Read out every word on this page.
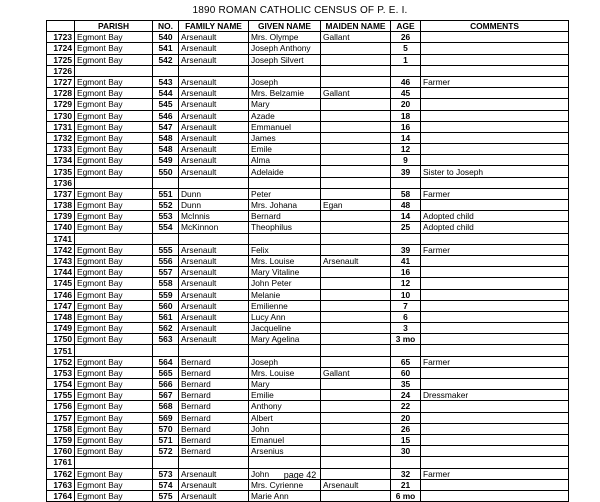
1890 ROMAN CATHOLIC CENSUS OF P. E. I.
	PARISH	NO.	FAMILY NAME	GIVEN NAME	MAIDEN NAME	AGE	COMMENTS
1723	Egmont Bay	540	Arsenault	Mrs. Olympe	Gallant	26	
1724	Egmont Bay	541	Arsenault	Joseph Anthony		5	
1725	Egmont Bay	542	Arsenault	Joseph Silvert		1	
1726							
1727	Egmont Bay	543	Arsenault	Joseph		46	Farmer
1728	Egmont Bay	544	Arsenault	Mrs. Belzamie	Gallant	45	
1729	Egmont Bay	545	Arsenault	Mary		20	
1730	Egmont Bay	546	Arsenault	Azade		18	
1731	Egmont Bay	547	Arsenault	Emmanuel		16	
1732	Egmont Bay	548	Arsenault	James		14	
1733	Egmont Bay	548	Arsenault	Emile		12	
1734	Egmont Bay	549	Arsenault	Alma		9	
1735	Egmont Bay	550	Arsenault	Adelaide		39	Sister to Joseph
1736							
1737	Egmont Bay	551	Dunn	Peter		58	Farmer
1738	Egmont Bay	552	Dunn	Mrs. Johana	Egan	48	
1739	Egmont Bay	553	McInnis	Bernard		14	Adopted child
1740	Egmont Bay	554	McKinnon	Theophilus		25	Adopted child
1741							
1742	Egmont Bay	555	Arsenault	Felix		39	Farmer
1743	Egmont Bay	556	Arsenault	Mrs. Louise	Arsenault	41	
1744	Egmont Bay	557	Arsenault	Mary Vitaline		16	
1745	Egmont Bay	558	Arsenault	John Peter		12	
1746	Egmont Bay	559	Arsenault	Melanie		10	
1747	Egmont Bay	560	Arsenault	Emilienne		7	
1748	Egmont Bay	561	Arsenault	Lucy Ann		6	
1749	Egmont Bay	562	Arsenault	Jacqueline		3	
1750	Egmont Bay	563	Arsenault	Mary Agelina		3 mo	
1751							
1752	Egmont Bay	564	Bernard	Joseph		65	Farmer
1753	Egmont Bay	565	Bernard	Mrs. Louise	Gallant	60	
1754	Egmont Bay	566	Bernard	Mary		35	
1755	Egmont Bay	567	Bernard	Emilie		24	Dressmaker
1756	Egmont Bay	568	Bernard	Anthony		22	
1757	Egmont Bay	569	Bernard	Albert		20	
1758	Egmont Bay	570	Bernard	John		26	
1759	Egmont Bay	571	Bernard	Emanuel		15	
1760	Egmont Bay	572	Bernard	Arsenius		30	
1761							
1762	Egmont Bay	573	Arsenault	John		32	Farmer
1763	Egmont Bay	574	Arsenault	Mrs. Cyrienne	Arsenault	21	
1764	Egmont Bay	575	Arsenault	Marie Ann		6 mo	
page 42
